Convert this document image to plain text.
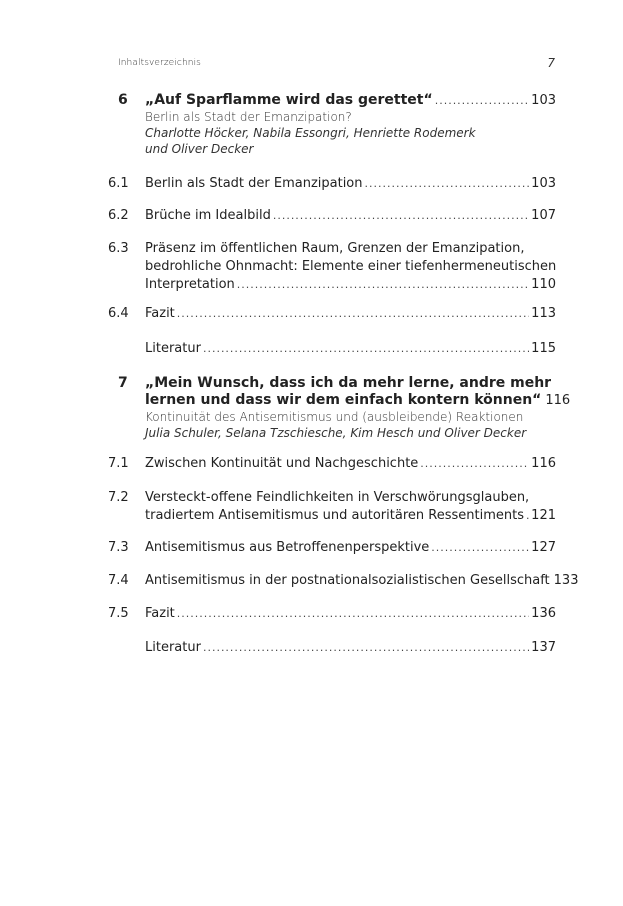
Inhaltsverzeichnis	7
6 „Auf Sparflamme wird das gerettet“ .....	103
Berlin als Stadt der Emanzipation?
Charlotte Höcker, Nabila Essongri, Henriette Rodemerk
und Oliver Decker
6.1 Berlin als Stadt der Emanzipation .....	103
6.2 Brüche im Idealbild .....	107
6.3 Präsenz im öffentlichen Raum, Grenzen der Emanzipation,
bedrohliche Ohnmacht: Elemente einer tiefenhermeneutischen
Interpretation .....	110
6.4 Fazit .....	113
Literatur .....	115
7 „Mein Wunsch, dass ich da mehr lerne, andre mehr
lernen und dass wir dem einfach kontern können“ 116
Kontinuität des Antisemitismus und (ausbleibende) Reaktionen
Julia Schuler, Selana Tzschiesche, Kim Hesch und Oliver Decker
7.1 Zwischen Kontinuität und Nachgeschichte .....	116
7.2 Versteckt-offene Feindlichkeiten in Verschwörungsglauben,
tradiertem Antisemitismus und autoritären Ressentiments ..... 121
7.3 Antisemitismus aus Betroffenenperspektive .....	127
7.4 Antisemitismus in der postnationalsozialistischen Gesellschaft 133
7.5 Fazit .....	136
Literatur .....	137
